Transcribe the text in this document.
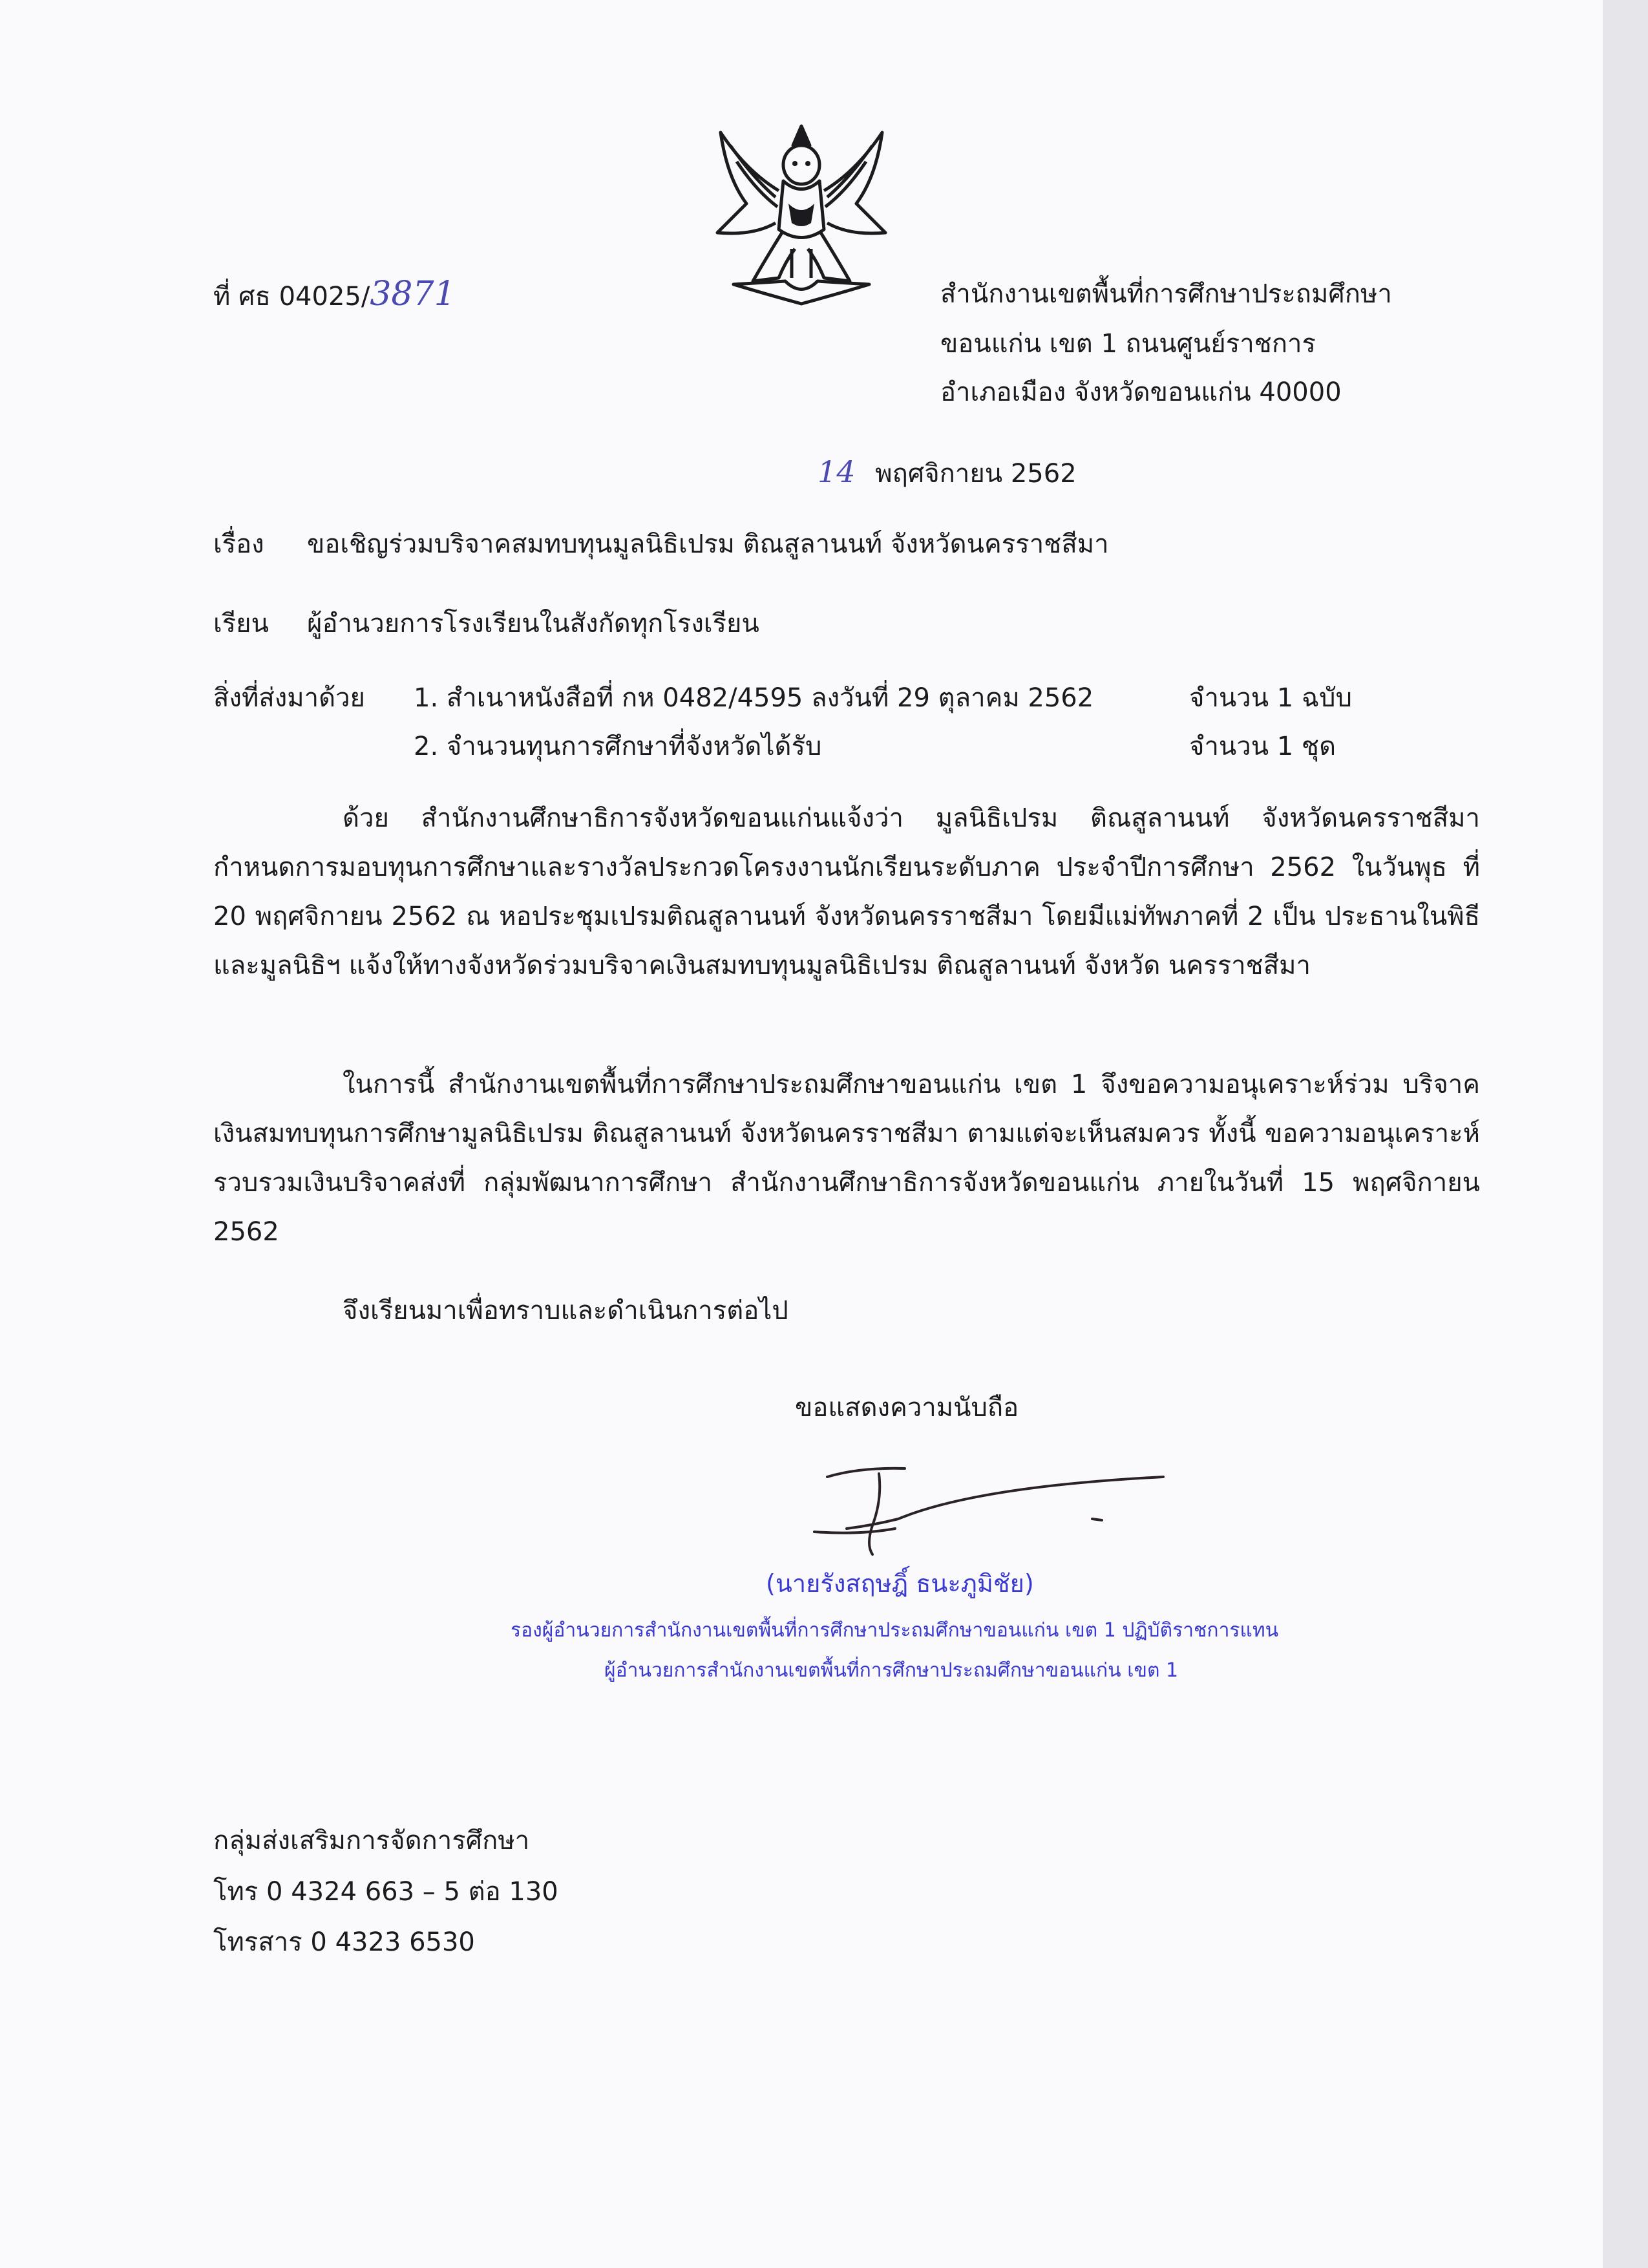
ที่ ศธ 04025/3871	สำนักงานเขตพื้นที่การศึกษาประถมศึกษา
ขอนแก่น เขต 1 ถนนศูนย์ราชการ
อำเภอเมือง จังหวัดขอนแก่น 40000
14 พฤศจิกายน 2562
เรื่อง ขอเชิญร่วมบริจาคสมทบทุนมูลนิธิเปรม ติณสูลานนท์ จังหวัดนครราชสีมา
เรียน ผู้อำนวยการโรงเรียนในสังกัดทุกโรงเรียน
สิ่งที่ส่งมาด้วย 1. สำเนาหนังสือที่ กห 0482/4595 ลงวันที่ 29 ตุลาคม 2562	จำนวน 1 ฉบับ
2. จำนวนทุนการศึกษาที่จังหวัดได้รับ	จำนวน 1 ชุด
ด้วย สำนักงานศึกษาธิการจังหวัดขอนแก่นแจ้งว่า มูลนิธิเปรม ติณสูลานนท์ จังหวัดนครราชสีมา กำหนดการมอบทุนการศึกษาและรางวัลประกวดโครงงานนักเรียนระดับภาค ประจำปีการศึกษา 2562 ในวันพุธ ที่ 20 พฤศจิกายน 2562 ณ หอประชุมเปรมติณสูลานนท์ จังหวัดนครราชสีมา โดยมีแม่ทัพภาคที่ 2 เป็น ประธานในพิธี และมูลนิธิฯ แจ้งให้ทางจังหวัดร่วมบริจาคเงินสมทบทุนมูลนิธิเปรม ติณสูลานนท์ จังหวัด นครราชสีมา
ในการนี้ สำนักงานเขตพื้นที่การศึกษาประถมศึกษาขอนแก่น เขต 1 จึงขอความอนุเคราะห์ร่วม บริจาคเงินสมทบทุนการศึกษามูลนิธิเปรม ติณสูลานนท์ จังหวัดนครราชสีมา ตามแต่จะเห็นสมควร ทั้งนี้ ขอความอนุเคราะห์รวบรวมเงินบริจาคส่งที่ กลุ่มพัฒนาการศึกษา สำนักงานศึกษาธิการจังหวัดขอนแก่น ภายในวันที่ 15 พฤศจิกายน 2562
จึงเรียนมาเพื่อทราบและดำเนินการต่อไป
ขอแสดงความนับถือ
(นายรังสฤษฎิ์ ธนะภูมิชัย)
รองผู้อำนวยการสำนักงานเขตพื้นที่การศึกษาประถมศึกษาขอนแก่น เขต 1 ปฏิบัติราชการแทน
ผู้อำนวยการสำนักงานเขตพื้นที่การศึกษาประถมศึกษาขอนแก่น เขต 1
กลุ่มส่งเสริมการจัดการศึกษา
โทร 0 4324 663 – 5 ต่อ 130
โทรสาร 0 4323 6530
